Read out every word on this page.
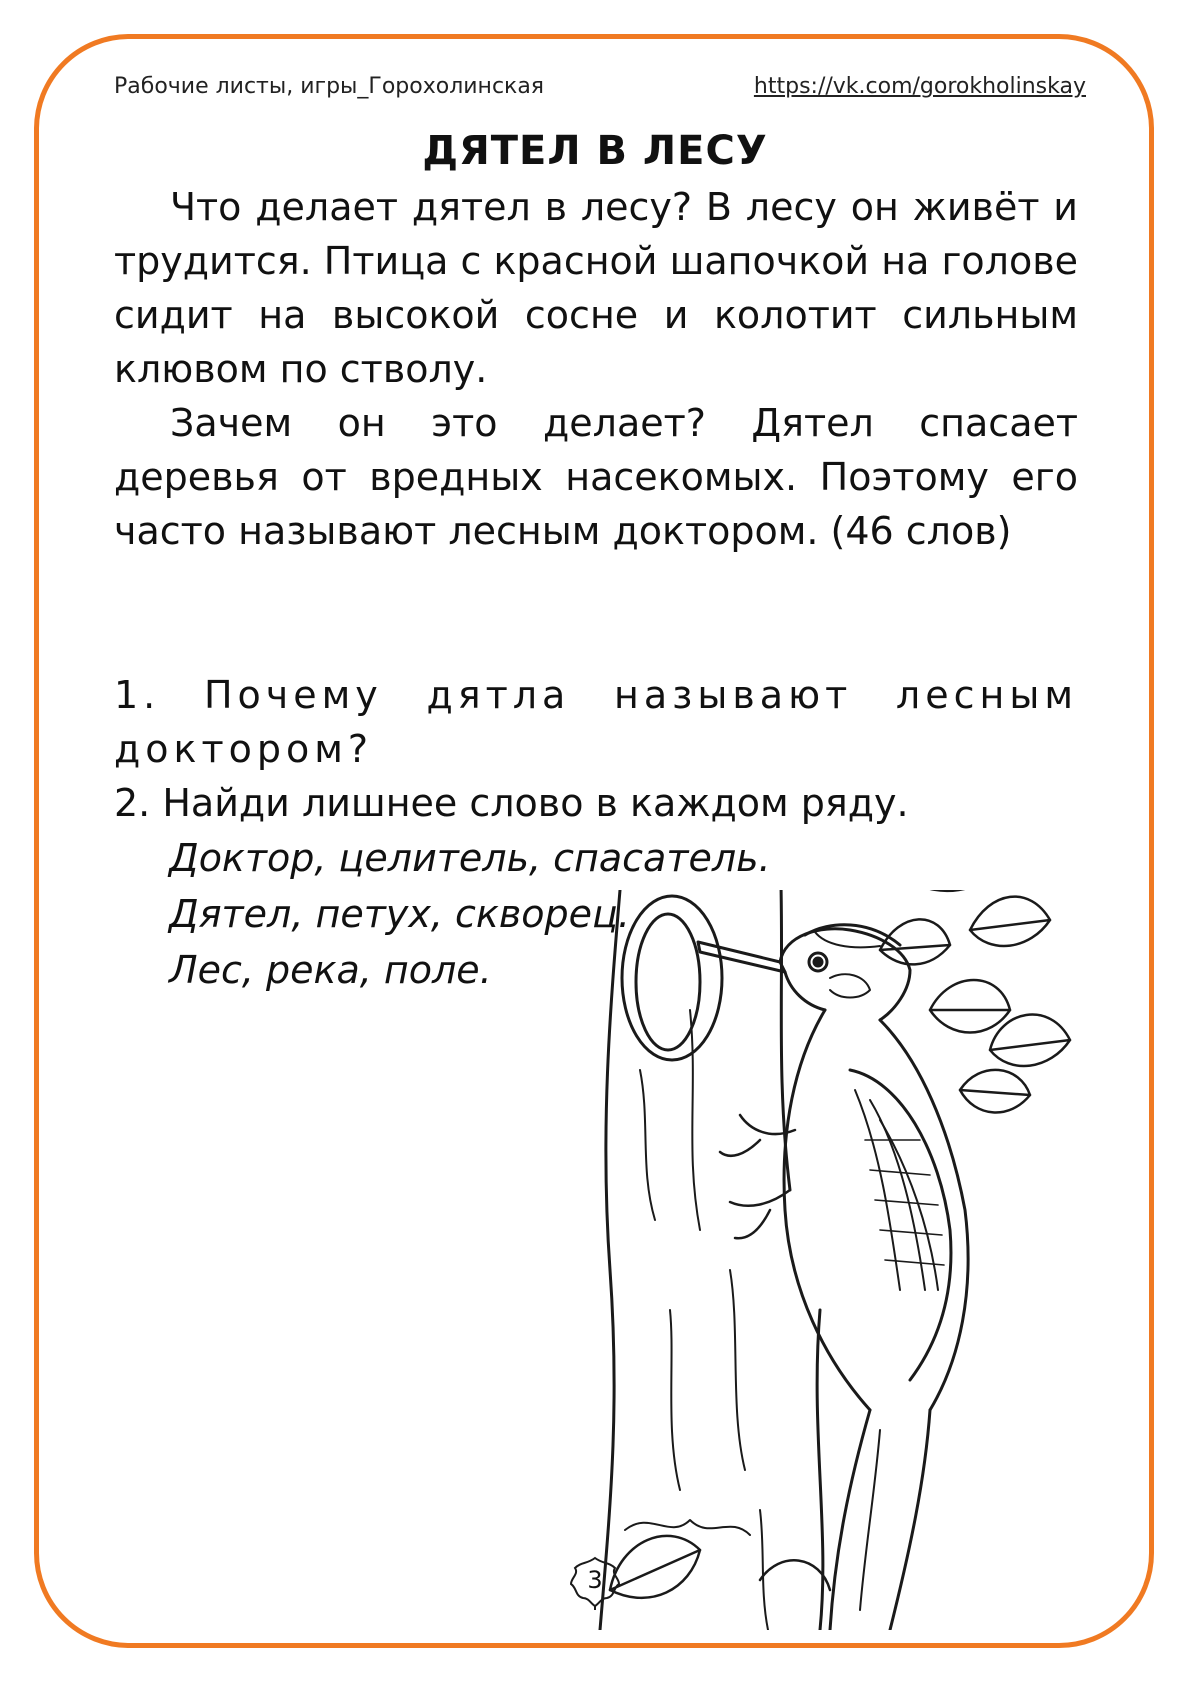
Рабочие листы, игры_Горохолинская	https://vk.com/gorokholinskay
ДЯТЕЛ В ЛЕСУ

Что делает дятел в лесу? В лесу он живёт и трудится. Птица с красной шапочкой на голове сидит на высокой сосне и колотит сильным клювом по стволу.

Зачем он это делает? Дятел спасает деревья от вредных насекомых. Поэтому его часто называют лесным доктором. (46 слов)

1. Почему дятла называют лесным доктором?

2. Найди лишнее слово в каждом ряду.

Доктор, целитель, спасатель.

Дятел, петух, скворец.

Лес, река, поле.

3
